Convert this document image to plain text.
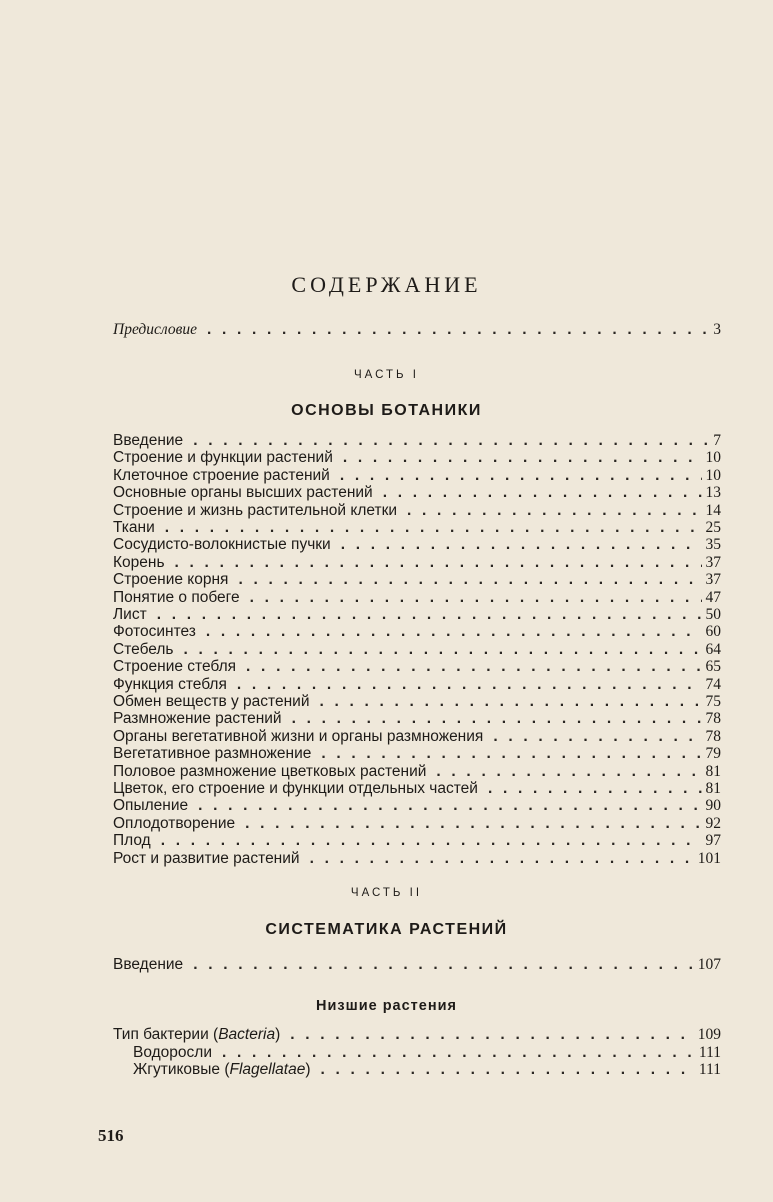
СОДЕРЖАНИЕ
Предисловие . . .	3
ЧАСТЬ I
ОСНОВЫ БОТАНИКИ
Введение . . .	7
Строение и функции растений . . .	10
Клеточное строение растений . . .	10
Основные органы высших растений . . .	13
Строение и жизнь растительной клетки . . .	14
Ткани . . .	25
Сосудисто-волокнистые пучки . . .	35
Корень . . .	37
Строение корня . . .	37
Понятие о побеге . . .	47
Лист . . .	50
Фотосинтез . . .	60
Стебель . . .	64
Строение стебля . . .	65
Функция стебля . . .	74
Обмен веществ у растений . . .	75
Размножение растений . . .	78
Органы вегетативной жизни и органы размножения . . .	78
Вегетативное размножение . . .	79
Половое размножение цветковых растений . . .	81
Цветок, его строение и функции отдельных частей . . .	81
Опыление . . .	90
Оплодотворение . . .	92
Плод . . .	97
Рост и развитие растений . . .	101
ЧАСТЬ II
СИСТЕМАТИКА РАСТЕНИЙ
Введение . . .	107
Низшие растения
Тип бактерии (Bacteria) . . .	109
Водоросли . . .	111
Жгутиковые (Flagellatae) . . .	111
516
